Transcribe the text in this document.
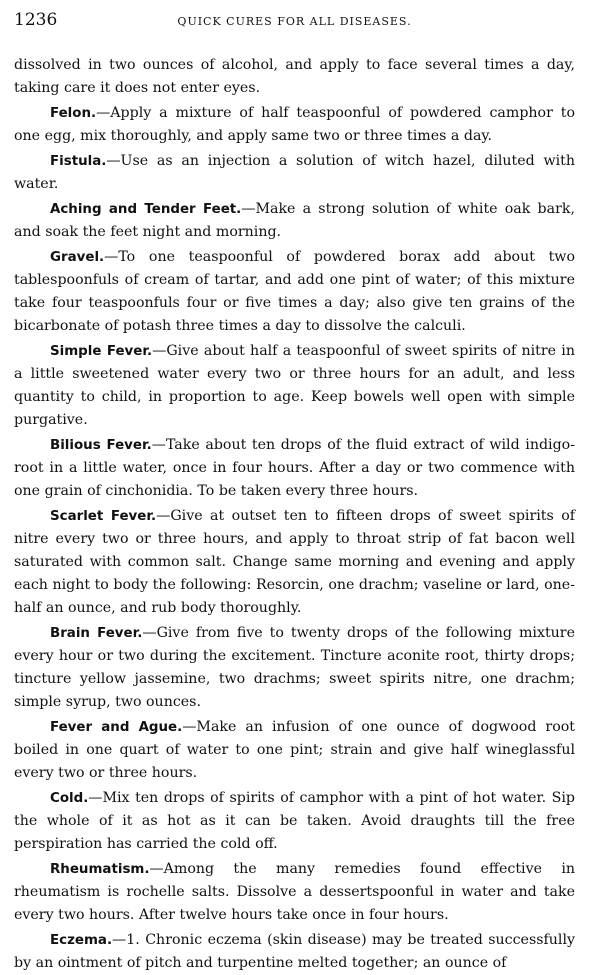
1236	QUICK CURES FOR ALL DISEASES.

dissolved in two ounces of alcohol, and apply to face several times a day, taking care it does not enter eyes.

Felon.—Apply a mixture of half teaspoonful of powdered camphor to one egg, mix thoroughly, and apply same two or three times a day.

Fistula.—Use as an injection a solution of witch hazel, diluted with water.

Aching and Tender Feet.—Make a strong solution of white oak bark, and soak the feet night and morning.

Gravel.—To one teaspoonful of powdered borax add about two tablespoonfuls of cream of tartar, and add one pint of water; of this mixture take four teaspoonfuls four or five times a day; also give ten grains of the bicarbonate of potash three times a day to dissolve the calculi.

Simple Fever.—Give about half a teaspoonful of sweet spirits of nitre in a little sweetened water every two or three hours for an adult, and less quantity to child, in proportion to age. Keep bowels well open with simple purgative.

Bilious Fever.—Take about ten drops of the fluid extract of wild indigo-root in a little water, once in four hours. After a day or two commence with one grain of cinchonidia. To be taken every three hours.

Scarlet Fever.—Give at outset ten to fifteen drops of sweet spirits of nitre every two or three hours, and apply to throat strip of fat bacon well saturated with common salt. Change same morning and evening and apply each night to body the following: Resorcin, one drachm; vaseline or lard, one-half an ounce, and rub body thoroughly.

Brain Fever.—Give from five to twenty drops of the following mixture every hour or two during the excitement. Tincture aconite root, thirty drops; tincture yellow jassemine, two drachms; sweet spirits nitre, one drachm; simple syrup, two ounces.

Fever and Ague.—Make an infusion of one ounce of dogwood root boiled in one quart of water to one pint; strain and give half wineglassful every two or three hours.

Cold.—Mix ten drops of spirits of camphor with a pint of hot water. Sip the whole of it as hot as it can be taken. Avoid draughts till the free perspiration has carried the cold off.

Rheumatism.—Among the many remedies found effective in rheumatism is rochelle salts. Dissolve a dessertspoonful in water and take every two hours. After twelve hours take once in four hours.

Eczema.—1. Chronic eczema (skin disease) may be treated successfully by an ointment of pitch and turpentine melted together; an ounce of
